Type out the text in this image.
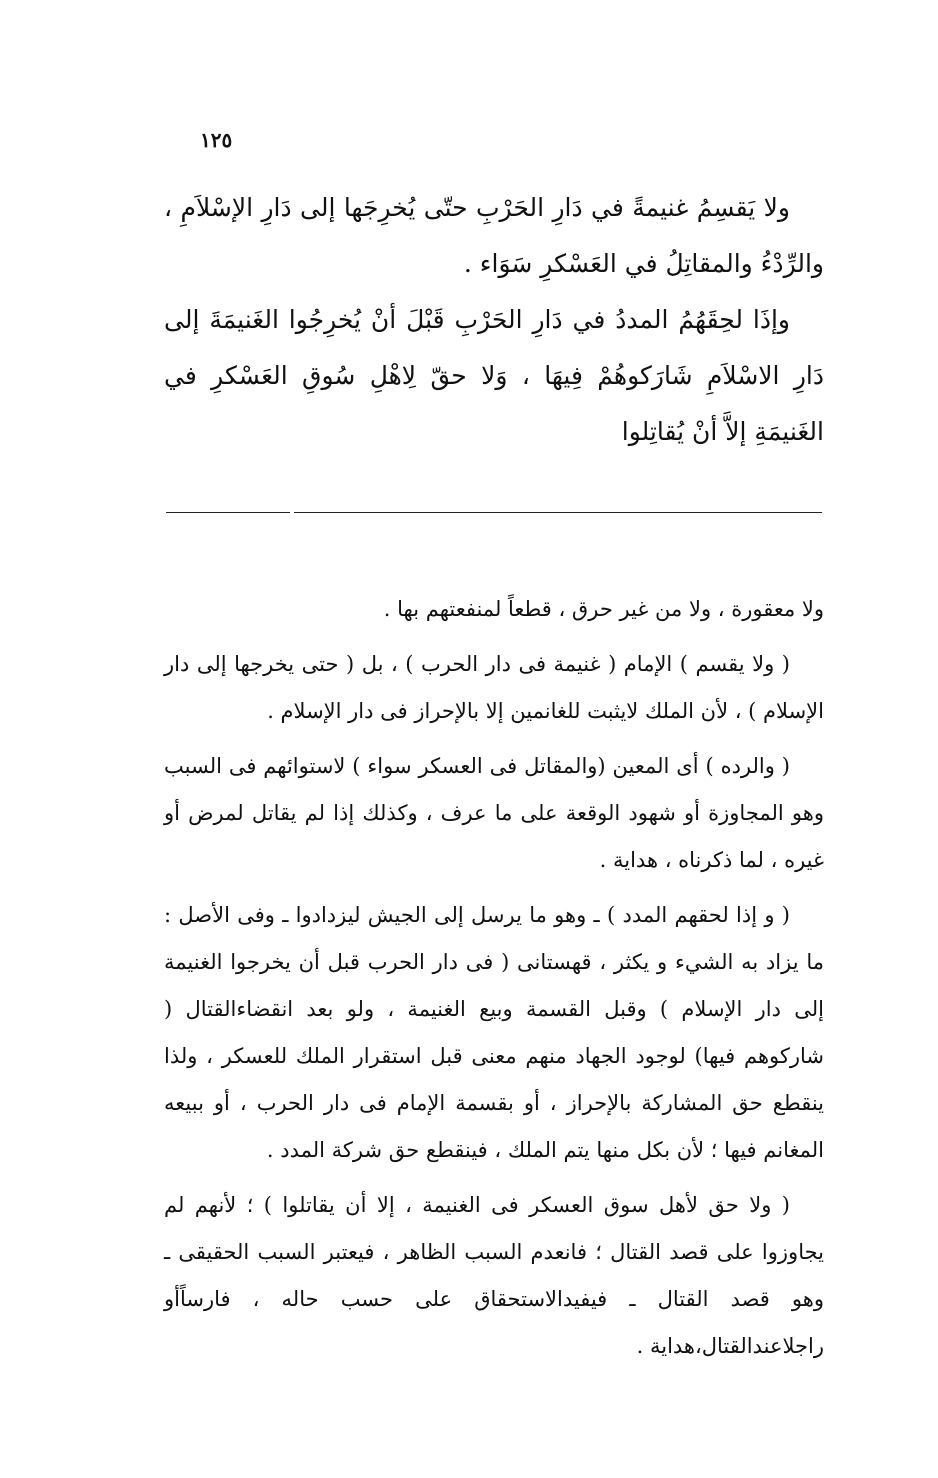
١٢٥

ولا يَقسِمُ غنيمةً في دَارِ الحَرْبِ حتّى يُخرِجَها إلى دَارِ الإسْلاَمِ ، والرِّدْءُ والمقاتِلُ في العَسْكرِ سَوَاء .

وإذَا لحِقَهُمُ المددُ في دَارِ الحَرْبِ قَبْلَ أنْ يُخرِجُوا الغَنيمَةَ إلى دَارِ الاسْلاَمِ شَارَكوهُمْ فِيهَا ، وَلا حقّ لِاهْلِ سُوقِ العَسْكرِ في الغَنيمَةِ إلاَّ أنْ يُقاتِلوا

ولا معقورة ، ولا من غير حرق ، قطعاً لمنفعتهم بها .

( ولا يقسم ) الإمام ( غنيمة فى دار الحرب ) ، بل ( حتى يخرجها إلى دار الإسلام ) ، لأن الملك لايثبت للغانمين إلا بالإحراز فى دار الإسلام .

( والرده ) أى المعين (والمقاتل فى العسكر سواء ) لاستوائهم فى السبب وهو المجاوزة أو شهود الوقعة على ما عرف ، وكذلك إذا لم يقاتل لمرض أو غيره ، لما ذكرناه ، هداية .

( و إذا لحقهم المدد ) ـ وهو ما يرسل إلى الجيش ليزدادوا ـ وفى الأصل : ما يزاد به الشيء و يكثر ، قهستانى ( فى دار الحرب قبل أن يخرجوا الغنيمة إلى دار الإسلام ) وقبل القسمة وبيع الغنيمة ، ولو بعد انقضاءالقتال ( شاركوهم فيها) لوجود الجهاد منهم معنى قبل استقرار الملك للعسكر ، ولذا ينقطع حق المشاركة بالإحراز ، أو بقسمة الإمام فى دار الحرب ، أو ببيعه المغانم فيها ؛ لأن بكل منها يتم الملك ، فينقطع حق شركة المدد .

( ولا حق لأهل سوق العسكر فى الغنيمة ، إلا أن يقاتلوا ) ؛ لأنهم لم يجاوزوا على قصد القتال ؛ فانعدم السبب الظاهر ، فيعتبر السبب الحقيقى ـ وهو قصد القتال ـ فيفيدالاستحقاق على حسب حاله ، فارساًأو راجلاعندالقتال،هداية .
